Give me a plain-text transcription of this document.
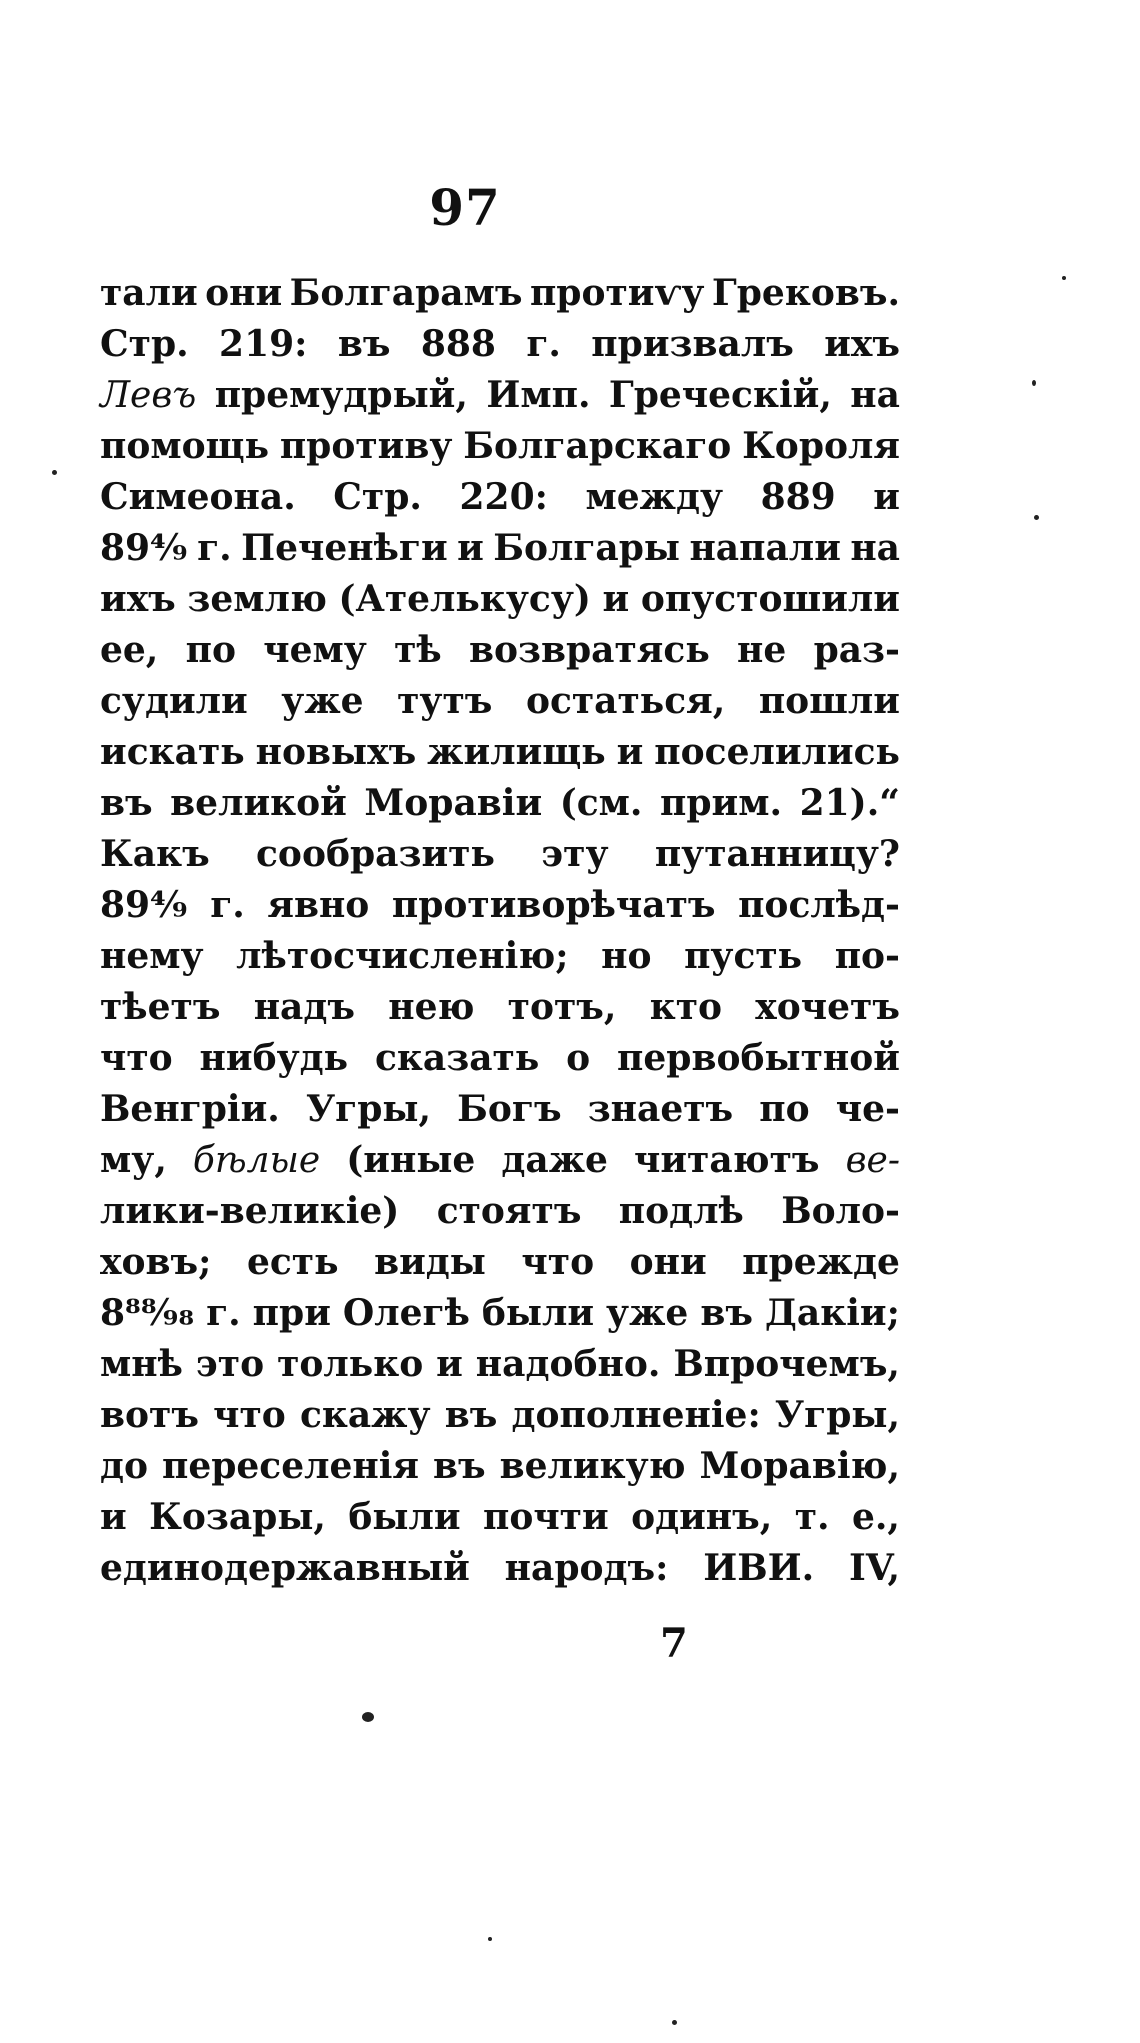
97
тали они Болгарамъ протиѵу Грековъ.
Стр. 219: въ 888 г. призвалъ ихъ
Левъ премудрый, Имп. Греческій, на
помощь противу Болгарскаго Короля
Симеона. Стр. 220: между 889 и
89⁴⁄₉ г. Печенѣги и Болгары напали на
ихъ землю (Ателькусу) и опустошили
ее, по чему тѣ возвратясь не раз-
судили уже тутъ остаться, пошли
искать новыхъ жилищь и поселились
въ великой Моравіи (см. прим. 21).“
Какъ сообразить эту путанницу?
89⁴⁄₉ г. явно противорѣчатъ послѣд-
нему лѣтосчисленію; но пусть по-
тѣетъ надъ нею тотъ, кто хочетъ
что нибудь сказать о первобытной
Венгріи. Угры, Богъ знаетъ по че-
му, бѣлые (иные даже читаютъ ве-
лики-великіе) стоятъ подлѣ Воло-
ховъ; есть виды что они прежде
8⁸⁸⁄₉₈ г. при Олегѣ были уже въ Дакіи;
мнѣ это только и надобно. Впрочемъ,
вотъ что скажу въ дополненіе: Угры,
до переселенія въ великую Моравію,
и Козары, были почти одинъ, т. е.,
единодержавный народъ: ИВИ. IV,
7
